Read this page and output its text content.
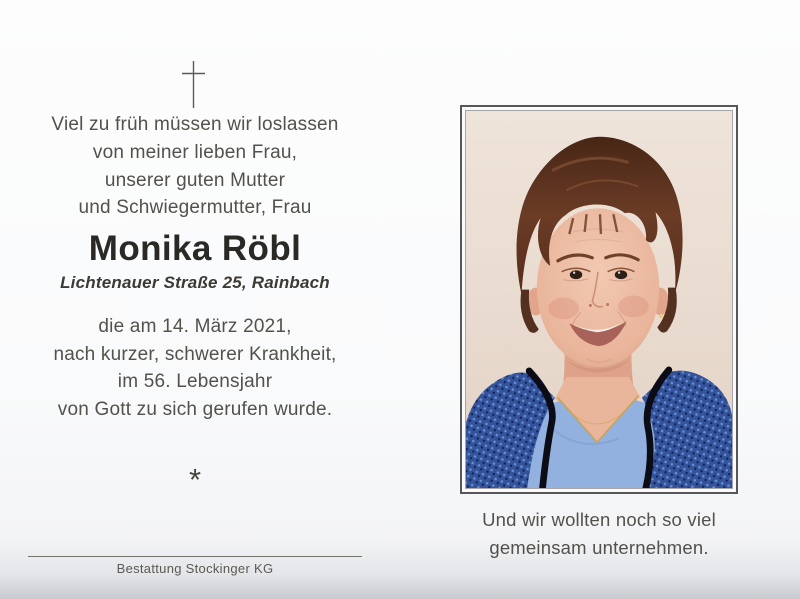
Viel zu früh müssen wir loslassen
von meiner lieben Frau,
unserer guten Mutter
und Schwiegermutter, Frau
Monika Röbl
Lichtenauer Straße 25, Rainbach
die am 14. März 2021,
nach kurzer, schwerer Krankheit,
im 56. Lebensjahr
von Gott zu sich gerufen wurde.
*
Bestattung Stockinger KG
Und wir wollten noch so viel
gemeinsam unternehmen.
